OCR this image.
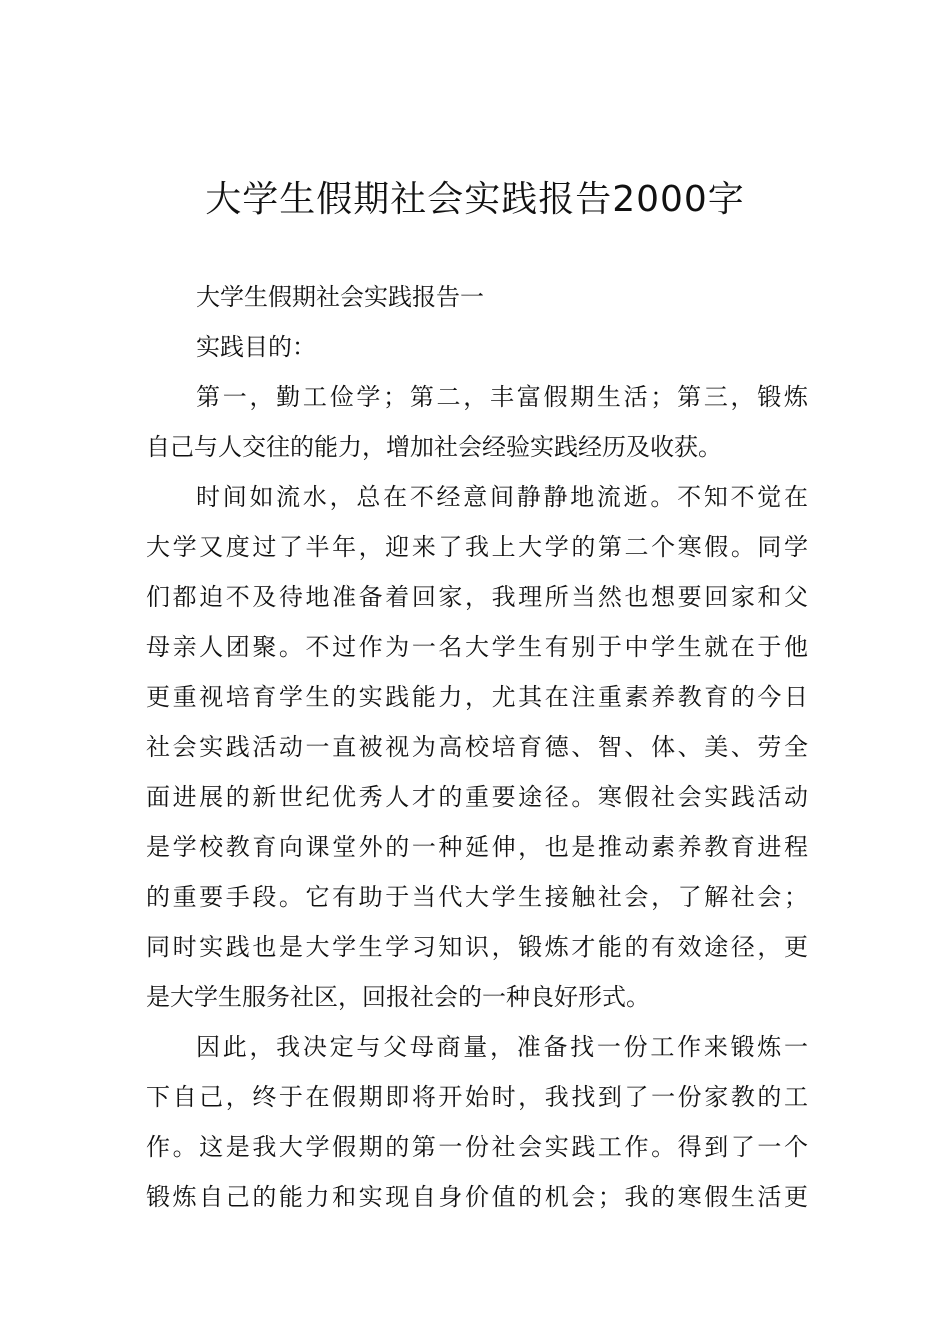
大学生假期社会实践报告2000字
大学生假期社会实践报告一
实践目的：
第一，勤工俭学；第二，丰富假期生活；第三，锻炼
自己与人交往的能力，增加社会经验实践经历及收获。
时间如流水，总在不经意间静静地流逝。不知不觉在
大学又度过了半年，迎来了我上大学的第二个寒假。同学
们都迫不及待地准备着回家，我理所当然也想要回家和父
母亲人团聚。不过作为一名大学生有别于中学生就在于他
更重视培育学生的实践能力，尤其在注重素养教育的今日
社会实践活动一直被视为高校培育德、智、体、美、劳全
面进展的新世纪优秀人才的重要途径。寒假社会实践活动
是学校教育向课堂外的一种延伸，也是推动素养教育进程
的重要手段。它有助于当代大学生接触社会，了解社会；
同时实践也是大学生学习知识，锻炼才能的有效途径，更
是大学生服务社区，回报社会的一种良好形式。
因此，我决定与父母商量，准备找一份工作来锻炼一
下自己，终于在假期即将开始时，我找到了一份家教的工
作。这是我大学假期的第一份社会实践工作。得到了一个
锻炼自己的能力和实现自身价值的机会；我的寒假生活更
